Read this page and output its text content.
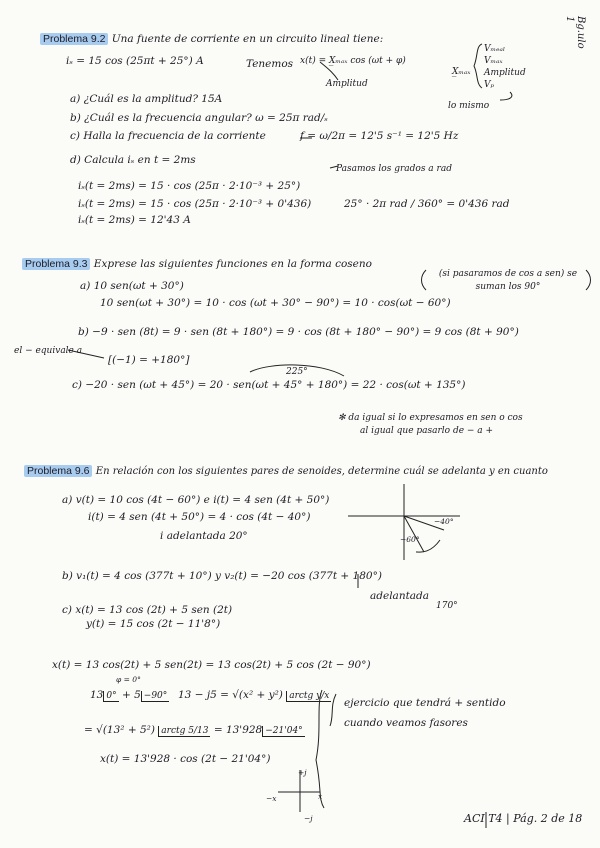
Bg.ulo 1
Problema 9.2 Una fuente de corriente en un circuito lineal tiene:
iₛ = 15 cos (25πt + 25°) A	Tenemos x(t) = X̲ₘₐₓ cos (ωt + φ)
Amplitud
X̲ₘₐₓ
Vₘₑₐₗ
Vₘₐₓ
Amplitud
Vₚ
lo mismo
a) ¿Cuál es la amplitud? 15A
b) ¿Cuál es la frecuencia angular? ω = 25π rad/ₛ
c) Halla la frecuencia de la corriente	f = ω/2π = 12'5 s⁻¹ = 12'5 Hz
d) Calcula iₛ en t = 2ms
Pasamos los grados a rad
iₛ(t = 2ms) = 15 · cos (25π · 2·10⁻³ + 25°)
iₛ(t = 2ms) = 15 · cos (25π · 2·10⁻³ + 0'436)
iₛ(t = 2ms) = 12'43 A
25° · 2π rad / 360° = 0'436 rad
Problema 9.3 Exprese las siguientes funciones en la forma coseno
(si pasaramos de cos a sen) se suman los 90°
a) 10 sen(ωt + 30°)
10 sen(ωt + 30°) = 10 · cos (ωt + 30° − 90°) = 10 · cos(ωt − 60°)
b) −9 · sen (8t) = 9 · sen (8t + 180°) = 9 · cos (8t + 180° − 90°) = 9 cos (8t + 90°)
el − equivale a
[(−1) = +180°]
225°
c) −20 · sen (ωt + 45°) = 20 · sen(ωt + 45° + 180°) = 22 · cos(ωt + 135°)
✻ da igual si lo expresamos en sen o cos
al igual que pasarlo de − a +
Problema 9.6 En relación con los siguientes pares de senoides, determine cuál se adelanta y en cuanto
a) v(t) = 10 cos (4t − 60°) e i(t) = 4 sen (4t + 50°)
i(t) = 4 sen (4t + 50°) = 4 · cos (4t − 40°)
i adelantada 20°
−40°
−60°
b) v₁(t) = 4 cos (377t + 10°) y v₂(t) = −20 cos (377t + 180°)
adelantada
170°
c) x(t) = 13 cos (2t) + 5 sen (2t)
y(t) = 15 cos (2t − 11'8°)
x(t) = 13 cos(2t) + 5 sen(2t) = 13 cos(2t) + 5 cos (2t − 90°)
φ = 0°
13 0° + 5 −90° 13 − j5 = √(x² + y²) arctg y/x
= √(13² + 5²) arctg 5/13 = 13'928 −21'04°
x(t) = 13'928 · cos (2t − 21'04°)
ejercicio que tendrá + sentido
cuando veamos fasores
+j
−x	x
−j	ACI T4 | Pág. 2 de 18
